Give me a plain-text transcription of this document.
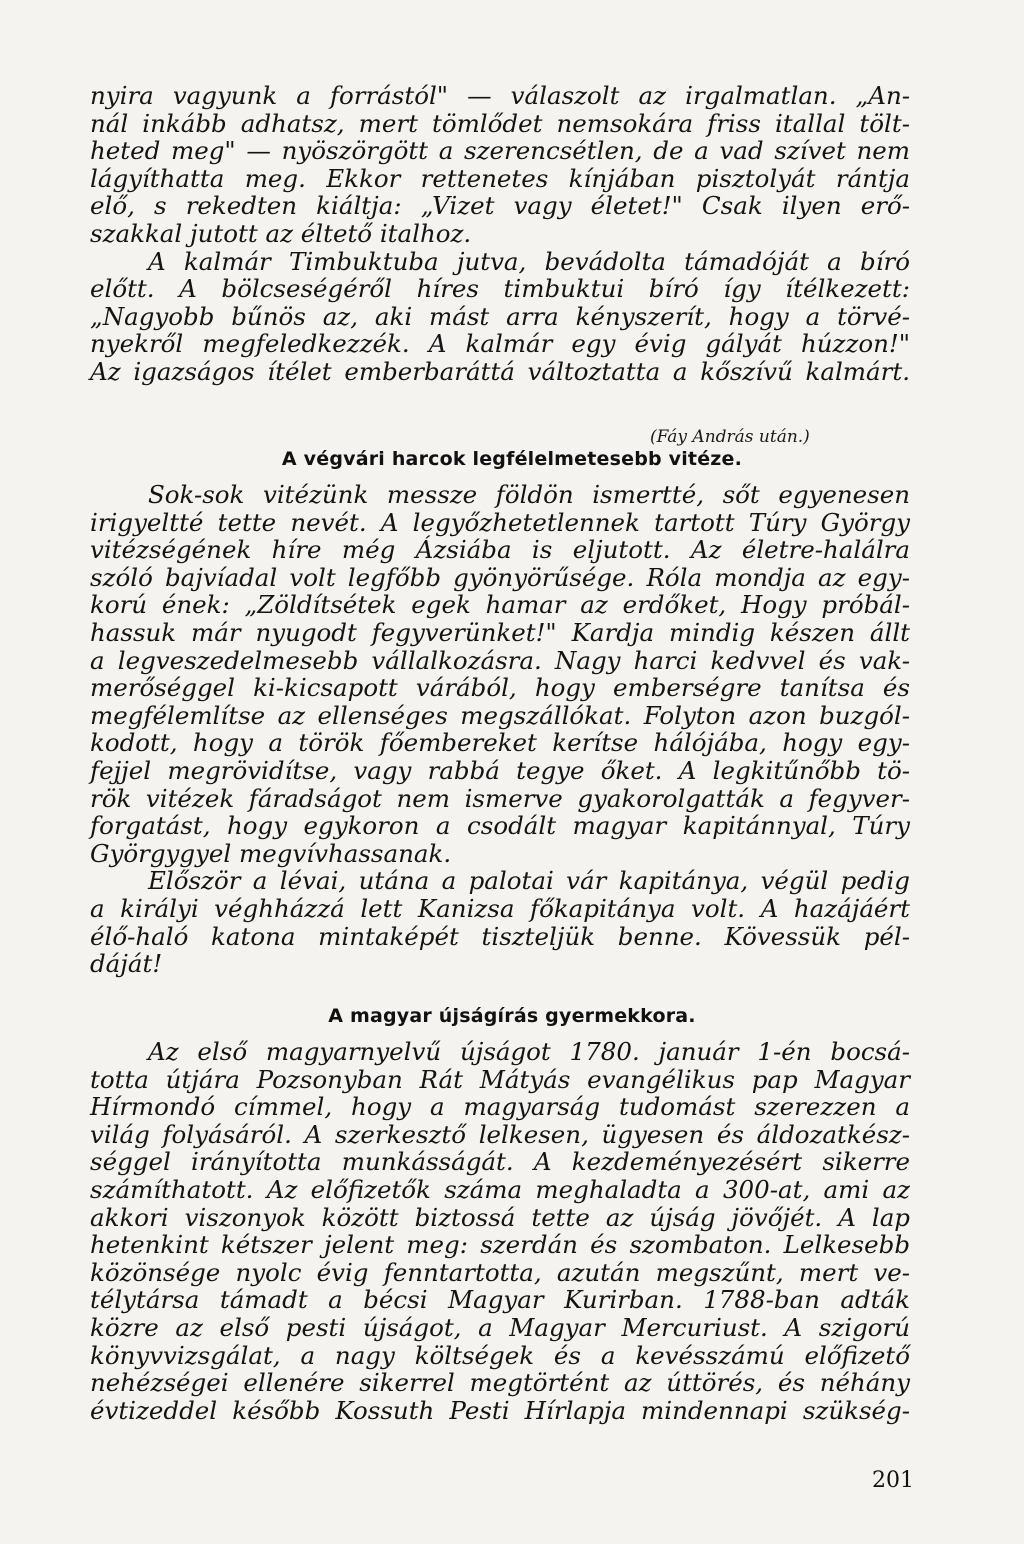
nyira vagyunk a forrástól" — válaszolt az irgalmatlan. „An-
nál inkább adhatsz, mert tömlődet nemsokára friss itallal tölt-
heted meg" — nyöszörgött a szerencsétlen, de a vad szívet nem
lágyíthatta meg. Ekkor rettenetes kínjában pisztolyát rántja
elő, s rekedten kiáltja: „Vizet vagy életet!" Csak ilyen erő-
szakkal jutott az éltető italhoz.
A kalmár Timbuktuba jutva, bevádolta támadóját a bíró
előtt. A bölcseségéről híres timbuktui bíró így ítélkezett:
„Nagyobb bűnös az, aki mást arra kényszerít, hogy a törvé-
nyekről megfeledkezzék. A kalmár egy évig gályát húzzon!"
Az igazságos ítélet emberbaráttá változtatta a kőszívű kalmárt.
(Fáy András után.)
A végvári harcok legfélelmetesebb vitéze.
Sok-sok vitézünk messze földön ismertté, sőt egyenesen
irigyeltté tette nevét. A legyőzhetetlennek tartott Túry György
vitézségének híre még Ázsiába is eljutott. Az életre-halálra
szóló bajvíadal volt legfőbb gyönyörűsége. Róla mondja az egy-
korú ének: „Zöldítsétek egek hamar az erdőket, Hogy próbál-
hassuk már nyugodt fegyverünket!" Kardja mindig készen állt
a legveszedelmesebb vállalkozásra. Nagy harci kedvvel és vak-
merőséggel ki-kicsapott várából, hogy emberségre tanítsa és
megfélemlítse az ellenséges megszállókat. Folyton azon buzgól-
kodott, hogy a török főembereket kerítse hálójába, hogy egy-
fejjel megrövidítse, vagy rabbá tegye őket. A legkitűnőbb tö-
rök vitézek fáradságot nem ismerve gyakorolgatták a fegyver-
forgatást, hogy egykoron a csodált magyar kapitánnyal, Túry
Györgygyel megvívhassanak.
Először a lévai, utána a palotai vár kapitánya, végül pedig
a királyi véghházzá lett Kanizsa főkapitánya volt. A hazájáért
élő-haló katona mintaképét tiszteljük benne. Kövessük pél-
dáját!
A magyar újságírás gyermekkora.
Az első magyarnyelvű újságot 1780. január 1-én bocsá-
totta útjára Pozsonyban Rát Mátyás evangélikus pap Magyar
Hírmondó címmel, hogy a magyarság tudomást szerezzen a
világ folyásáról. A szerkesztő lelkesen, ügyesen és áldozatkész-
séggel irányította munkásságát. A kezdeményezésért sikerre
számíthatott. Az előfizetők száma meghaladta a 300-at, ami az
akkori viszonyok között biztossá tette az újság jövőjét. A lap
hetenkint kétszer jelent meg: szerdán és szombaton. Lelkesebb
közönsége nyolc évig fenntartotta, azután megszűnt, mert ve-
télytársa támadt a bécsi Magyar Kurirban. 1788-ban adták
közre az első pesti újságot, a Magyar Mercuriust. A szigorú
könyvvizsgálat, a nagy költségek és a kevésszámú előfizető
nehézségei ellenére sikerrel megtörtént az úttörés, és néhány
évtizeddel később Kossuth Pesti Hírlapja mindennapi szükség-
201
